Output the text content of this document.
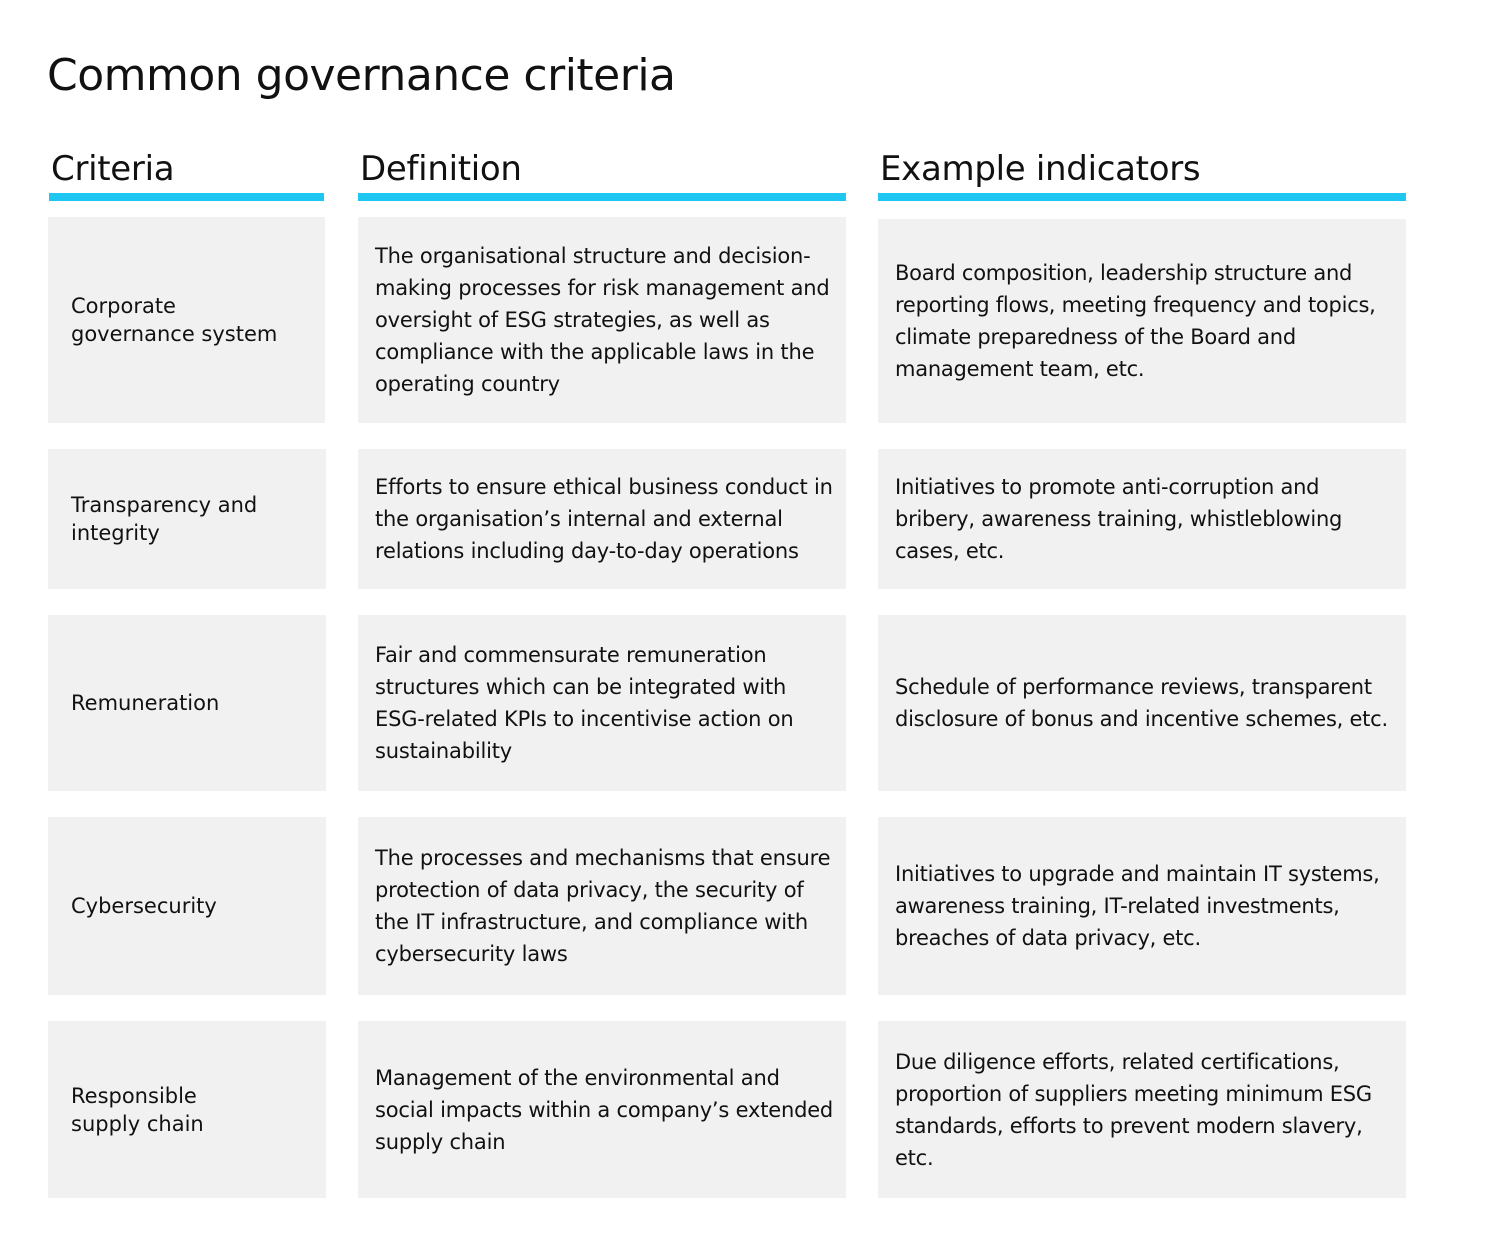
Common governance criteria
Criteria	Definition	Example indicators
Corporate governance system
The organisational structure and decision-making processes for risk management and oversight of ESG strategies, as well as compliance with the applicable laws in the operating country
Board composition, leadership structure and reporting flows, meeting frequency and topics, climate preparedness of the Board and management team, etc.
Transparency and integrity
Efforts to ensure ethical business conduct in the organisation’s internal and external relations including day-to-day operations
Initiatives to promote anti-corruption and bribery, awareness training, whistleblowing cases, etc.
Remuneration
Fair and commensurate remuneration structures which can be integrated with ESG-related KPIs to incentivise action on sustainability
Schedule of performance reviews, transparent disclosure of bonus and incentive schemes, etc.
Cybersecurity
The processes and mechanisms that ensure protection of data privacy, the security of the IT infrastructure, and compliance with cybersecurity laws
Initiatives to upgrade and maintain IT systems, awareness training, IT-related investments, breaches of data privacy, etc.
Responsible supply chain
Management of the environmental and social impacts within a company’s extended supply chain
Due diligence efforts, related certifications, proportion of suppliers meeting minimum ESG standards, efforts to prevent modern slavery, etc.
